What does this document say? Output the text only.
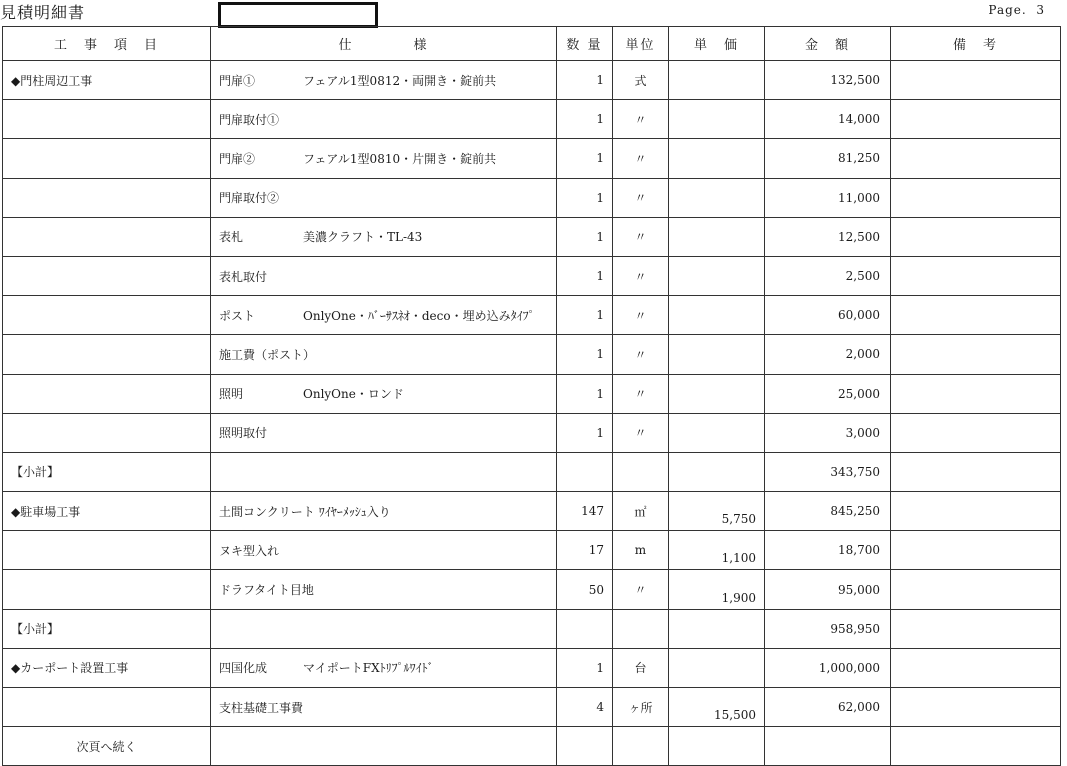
見積明細書	Page. 3
工　事　項　目	仕　　　　様	数 量	単位	単　価	金　額	備　考
◆門柱周辺工事	門扉① フェアル1型0812・両開き・錠前共	1	式		132,500	
	門扉取付①	1	〃		14,000	
	門扉② フェアル1型0810・片開き・錠前共	1	〃		81,250	
	門扉取付②	1	〃		11,000	
	表札 美濃クラフト・TL-43	1	〃		12,500	
	表札取付	1	〃		2,500	
	ポスト OnlyOne・ﾊﾞｰｻｽﾈｵ・deco・埋め込みﾀｲﾌﾟ	1	〃		60,000	
	施工費（ポスト）	1	〃		2,000	
	照明 OnlyOne・ロンド	1	〃		25,000	
	照明取付	1	〃		3,000	
【小計】					343,750	
◆駐車場工事	土間コンクリート ﾜｲﾔｰﾒｯｼｭ入り	147	㎡	5,750	845,250	
	ヌキ型入れ	17	m	1,100	18,700	
	ドラフタイト目地	50	〃	1,900	95,000	
【小計】					958,950	
◆カーポート設置工事	四国化成 マイポートFXﾄﾘﾌﾟﾙﾜｲﾄﾞ	1	台		1,000,000	
	支柱基礎工事費	4	ヶ所	15,500	62,000	
次頁へ続く						
